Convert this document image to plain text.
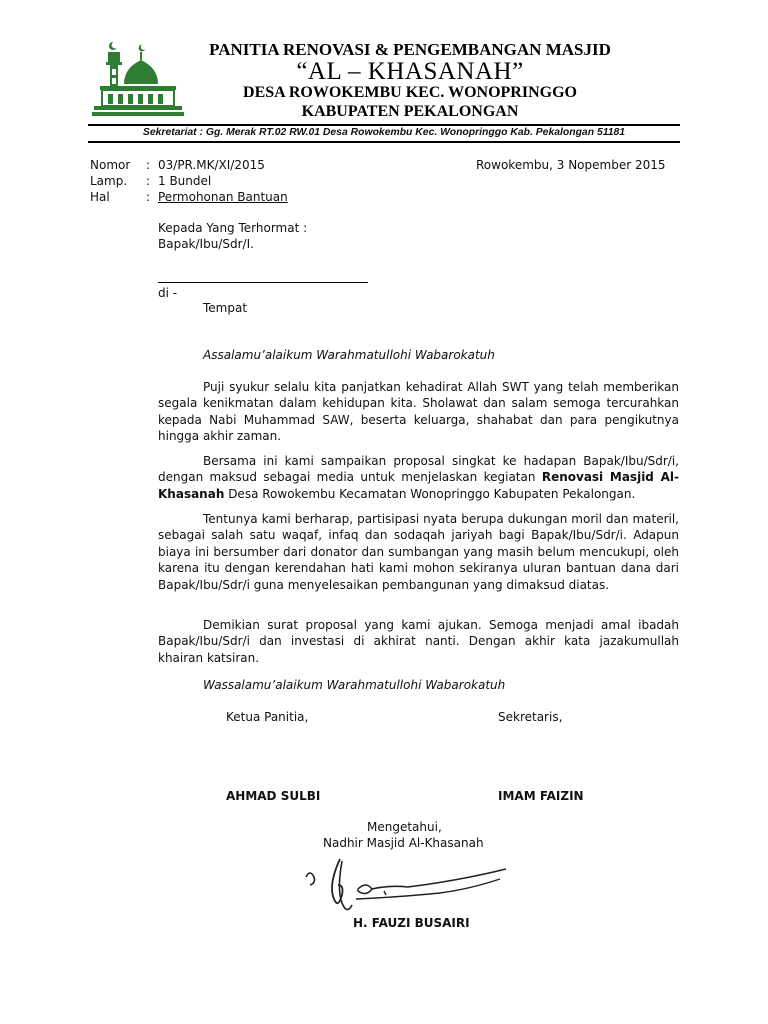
PANITIA RENOVASI & PENGEMBANGAN MASJID
“AL – KHASANAH”
DESA ROWOKEMBU KEC. WONOPRINGGO
KABUPATEN PEKALONGAN
Sekretariat : Gg. Merak RT.02 RW.01 Desa Rowokembu Kec. Wonopringgo Kab. Pekalongan 51181
Nomor : 03/PR.MK/XI/2015	Rowokembu, 3 Nopember 2015
Lamp. : 1 Bundel
Hal	: Permohonan Bantuan
Kepada Yang Terhormat :
Bapak/Ibu/Sdr/I.
di -
Tempat
Assalamu’alaikum Warahmatullohi Wabarokatuh
Puji syukur selalu kita panjatkan kehadirat Allah SWT yang telah memberikan segala kenikmatan dalam kehidupan kita. Sholawat dan salam semoga tercurahkan kepada Nabi Muhammad SAW, beserta keluarga, shahabat dan para pengikutnya hingga akhir zaman.
Bersama ini kami sampaikan proposal singkat ke hadapan Bapak/Ibu/Sdr/i, dengan maksud sebagai media untuk menjelaskan kegiatan Renovasi Masjid Al-Khasanah Desa Rowokembu Kecamatan Wonopringgo Kabupaten Pekalongan.
Tentunya kami berharap, partisipasi nyata berupa dukungan moril dan materil, sebagai salah satu waqaf, infaq dan sodaqah jariyah bagi Bapak/Ibu/Sdr/i. Adapun biaya ini bersumber dari donator dan sumbangan yang masih belum mencukupi, oleh karena itu dengan kerendahan hati kami mohon sekiranya uluran bantuan dana dari Bapak/Ibu/Sdr/i guna menyelesaikan pembangunan yang dimaksud diatas.
Demikian surat proposal yang kami ajukan. Semoga menjadi amal ibadah Bapak/Ibu/Sdr/i dan investasi di akhirat nanti. Dengan akhir kata jazakumullah khairan katsiran.
Wassalamu’alaikum Warahmatullohi Wabarokatuh
Ketua Panitia,	Sekretaris,
AHMAD SULBI	IMAM FAIZIN
Mengetahui,
Nadhir Masjid Al-Khasanah
H. FAUZI BUSAIRI
